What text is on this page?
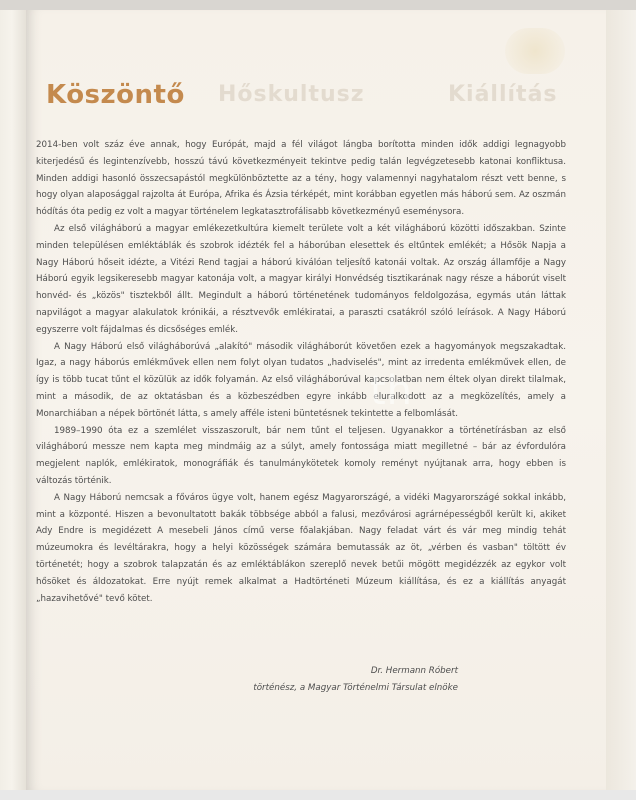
Hőskultusz	Kiállítás
Köszöntő

2014-ben volt száz éve annak, hogy Európát, majd a fél világot lángba borította minden idők addigi legnagyobb kiterjedésű és legintenzívebb, hosszú távú következményeit tekintve pedig talán legvégzetesebb katonai konfliktusa. Minden addigi hasonló összecsapástól megkülönböztette az a tény, hogy valamennyi nagyhatalom részt vett benne, s hogy olyan alaposággal rajzolta át Európa, Afrika és Ázsia térképét, mint korábban egyetlen más háború sem. Az oszmán hódítás óta pedig ez volt a magyar történelem legkatasztrofálisabb következményű eseménysora.

Az első világháború a magyar emlékezetkultúra kiemelt területe volt a két világháború közötti időszakban. Szinte minden településen emléktáblák és szobrok idézték fel a háborúban elesettek és eltűntek emlékét; a Hősök Napja a Nagy Háború hőseit idézte, a Vitézi Rend tagjai a háború kiválóan teljesítő katonái voltak. Az ország államfője a Nagy Háború egyik legsikeresebb magyar katonája volt, a magyar királyi Honvédség tisztikarának nagy része a háborút viselt honvéd- és „közös" tisztekből állt. Megindult a háború történetének tudományos feldolgozása, egymás után láttak napvilágot a magyar alakulatok krónikái, a résztvevők emlékiratai, a paraszti csatákról szóló leírások. A Nagy Háború egyszerre volt fájdalmas és dicsőséges emlék.

A Nagy Háború első világháborúvá „alakító" második világháborút követően ezek a hagyományok megszakadtak. Igaz, a nagy háborús emlékművek ellen nem folyt olyan tudatos „hadviselés", mint az irredenta emlékművek ellen, de így is több tucat tűnt el közülük az idők folyamán. Az első világháborúval kapcsolatban nem éltek olyan direkt tilalmak, mint a második, de az oktatásban és a közbeszédben egyre inkább eluralkodott az a megközelítés, amely a Monarchiában a népek börtönét látta, s amely afféle isteni büntetésnek tekintette a felbomlását.

1989–1990 óta ez a szemlélet visszaszorult, bár nem tűnt el teljesen. Ugyanakkor a történetírásban az első világháború messze nem kapta meg mindmáig az a súlyt, amely fontossága miatt megilletné – bár az évfordulóra megjelent naplók, emlékiratok, monográfiák és tanulmánykötetek komoly reményt nyújtanak arra, hogy ebben is változás történik.

A Nagy Háború nemcsak a főváros ügye volt, hanem egész Magyarországé, a vidéki Magyarországé sokkal inkább, mint a központé. Hiszen a bevonultatott bakák többsége abból a falusi, mezővárosi agrárnépességből került ki, akiket Ady Endre is megidézett A mesebeli János című verse főalakjában. Nagy feladat várt és vár meg mindig tehát múzeumokra és levéltárakra, hogy a helyi közösségek számára bemutassák az öt, „vérben és vasban" töltött év történetét; hogy a szobrok talapzatán és az emléktáblákon szereplő nevek betűi mögött megidézzék az egykor volt hősöket és áldozatokat. Erre nyújt remek alkalmat a Hadtörténeti Múzeum kiállítása, és ez a kiállítás anyagát „hazavihetővé" tevő kötet.

th
Dr. Hermann Róbert
történész, a Magyar Történelmi Társulat elnöke
